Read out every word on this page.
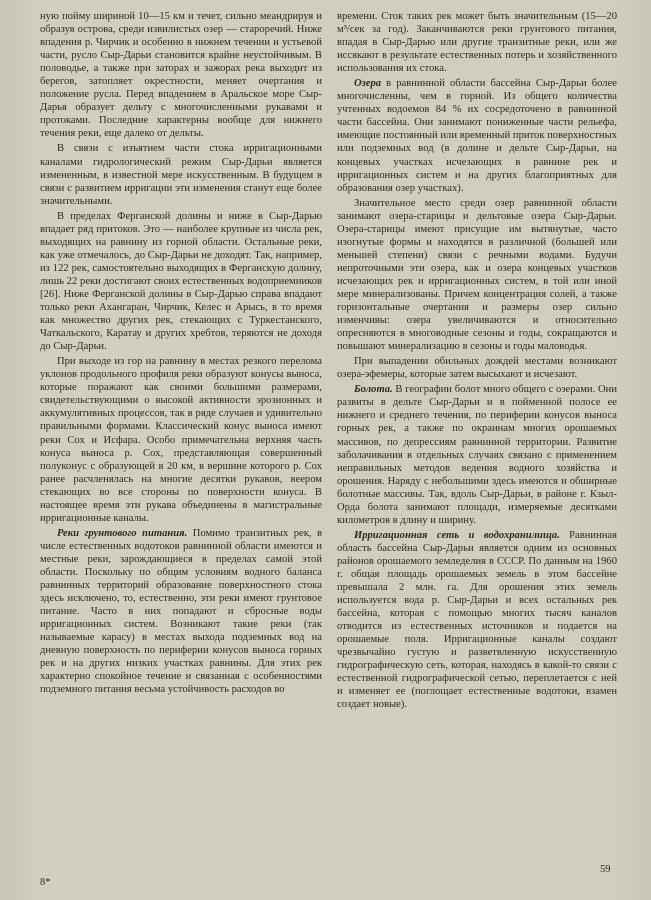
ную пойму шириной 10—15 км и течет, сильно меандрируя и образуя острова, среди извилистых озер — староречий. Ниже впадения р. Чирчик и особенно в нижнем течении и устьевой части, русло Сыр-Дарьи становится крайне неустойчивым. В половодье, а также при заторах и зажорах река выходит из берегов, затопляет окрестности, меняет очертания и положение русла. Перед впадением в Аральское море Сыр-Дарья образует дельту с многочисленными рукавами и протоками. Последние характерны вообще для нижнего течения реки, еще далеко от дельты.

В связи с изъятием части стока ирригационными каналами гидрологический режим Сыр-Дарьи является измененным, в известной мере искусственным. В будущем в связи с развитием ирригации эти изменения станут еще более значительными.

В пределах Ферганской долины и ниже в Сыр-Дарью впадает ряд притоков. Это — наиболее крупные из числа рек, выходящих на равнину из горной области. Остальные реки, как уже отмечалось, до Сыр-Дарьи не доходят. Так, например, из 122 рек, самостоятельно выходящих в Ферганскую долину, лишь 22 реки достигают своих естественных водоприемников [26]. Ниже Ферганской долины в Сыр-Дарью справа впадают только реки Ахангаран, Чирчик, Келес и Арысь, в то время как множество других рек, стекающих с Туркестанского, Чаткальского, Каратау и других хребтов, теряются не доходя до Сыр-Дарьи.

При выходе из гор на равнину в местах резкого перелома уклонов продольного профиля реки образуют конусы выноса, которые поражают как своими большими размерами, свидетельствующими о высокой активности эрозионных и аккумулятивных процессов, так в ряде случаев и удивительно правильными формами. Классический конус выноса имеют реки Сох и Исфара. Особо примечательна верхняя часть конуса выноса р. Сох, представляющая совершенный полуконус с образующей в 20 км, в вершине которого р. Сох ранее расчленялась на многие десятки рукавов, веером стекающих во все стороны по поверхности конуса. В настоящее время эти рукава объединены в магистральные ирригационные каналы.

Реки грунтового питания. Помимо транзитных рек, в числе естественных водотоков равнинной области имеются и местные реки, зарождающиеся в пределах самой этой области. Поскольку по общим условиям водного баланса равнинных территорий образование поверхностного стока здесь исключено, то, естественно, эти реки имеют грунтовое питание. Часто в них попадают и сбросные воды ирригационных систем. Возникают такие реки (так называемые карасу) в местах выхода подземных вод на дневную поверхность по периферии конусов выноса горных рек и на других низких участках равнины. Для этих рек характерно спокойное течение и связанная с особенностями подземного питания весьма устойчивость расходов во

времени. Сток таких рек может быть значительным (15—20 м³/сек за год). Заканчиваются реки грунтового питания, впадая в Сыр-Дарью или другие транзитные реки, или же иссякают в результате естественных потерь и хозяйственного использования их стока.

Озера в равнинной области бассейна Сыр-Дарьи более многочисленны, чем в горной. Из общего количества учтенных водоемов 84 % их сосредоточено в равнинной части бассейна. Они занимают пониженные части рельефа, имеющие постоянный или временный приток поверхностных или подземных вод (в долине и дельте Сыр-Дарьи, на концевых участках исчезающих в равнине рек и ирригационных систем и на других благоприятных для образования озер участках).

Значительное место среди озер равнинной области занимают озера-старицы и дельтовые озера Сыр-Дарьи. Озера-старицы имеют присущие им вытянутые, часто изогнутые формы и находятся в различной (большей или меньшей степени) связи с речными водами. Будучи непроточными эти озера, как и озера концевых участков исчезающих рек и ирригационных систем, в той или иной мере минерализованы. Причем концентрация солей, а также горизонтальные очертания и размеры озер сильно изменчивы: озера увеличиваются и относительно опресняются в многоводные сезоны и годы, сокращаются и повышают минерализацию в сезоны и годы маловодья.

При выпадении обильных дождей местами возникают озера-эфемеры, которые затем высыхают и исчезают.

Болота. В географии болот много общего с озерами. Они развиты в дельте Сыр-Дарьи и в пойменной полосе ее нижнего и среднего течения, по периферии конусов выноса горных рек, а также по окраинам многих орошаемых массивов, по депрессиям равнинной территории. Развитие заболачивания в отдельных случаях связано с применением неправильных методов ведения водного хозяйства и орошения. Наряду с небольшими здесь имеются и обширные болотные массивы. Так, вдоль Сыр-Дарьи, в районе г. Кзыл-Орда болота занимают площади, измеряемые десятками километров в длину и ширину.

Ирригационная сеть и водохранилища. Равнинная область бассейна Сыр-Дарьи является одним из основных районов орошаемого земледелия в СССР. По данным на 1960 г. общая площадь орошаемых земель в этом бассейне превышала 2 млн. га. Для орошения этих земель используется вода р. Сыр-Дарьи и всех остальных рек бассейна, которая с помощью многих тысяч каналов отводится из естественных источников и подается на орошаемые поля. Ирригационные каналы создают чрезвычайно густую и разветвленную искусственную гидрографическую сеть, которая, находясь в какой-то связи с естественной гидрографической сетью, переплетается с ней и изменяет ее (поглощает естественные водотоки, взамен создает новые).

8*
59
